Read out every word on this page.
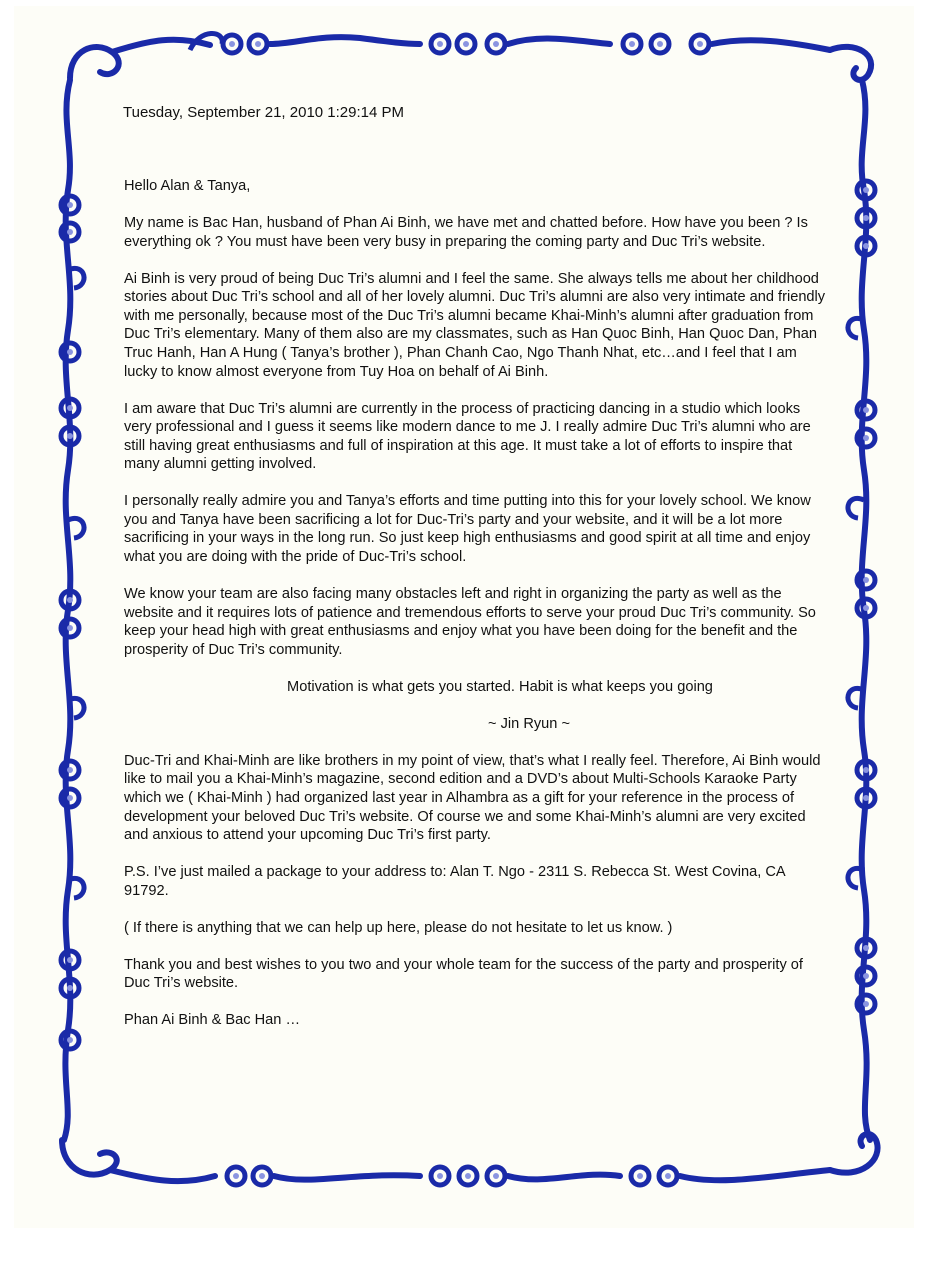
Tuesday, September 21, 2010 1:29:14 PM

Hello Alan & Tanya,

My name is Bac Han, husband of Phan Ai Binh, we have met and chatted before. How have you been ? Is everything ok ? You must have been very busy in preparing the coming party and Duc Tri’s website.

Ai Binh is very proud of being Duc Tri’s alumni and I feel the same. She always tells me about her childhood stories about Duc Tri’s school and all of her lovely alumni. Duc Tri’s alumni are also very intimate and friendly with me personally, because most of the Duc Tri’s alumni became Khai-Minh’s alumni after graduation from Duc Tri’s elementary. Many of them also are my classmates, such as Han Quoc Binh, Han Quoc Dan, Phan Truc Hanh, Han A Hung ( Tanya’s brother ), Phan Chanh Cao, Ngo Thanh Nhat, etc…and I feel that I am lucky to know almost everyone from Tuy Hoa on behalf of Ai Binh.

I am aware that Duc Tri’s alumni are currently in the process of practicing dancing in a studio which looks very professional and I guess it seems like modern dance to me J. I really admire Duc Tri’s alumni who are still having great enthusiasms and full of inspiration at this age. It must take a lot of efforts to inspire that many alumni getting involved.

I personally really admire you and Tanya’s efforts and time putting into this for your lovely school. We know you and Tanya have been sacrificing a lot for Duc-Tri’s party and your website, and it will be a lot more sacrificing in your ways in the long run. So just keep high enthusiasms and good spirit at all time and enjoy what you are doing with the pride of Duc-Tri’s school.

We know your team are also facing many obstacles left and right in organizing the party as well as the website and it requires lots of patience and tremendous efforts to serve your proud Duc Tri’s community. So keep your head high with great enthusiasms and enjoy what you have been doing for the benefit and the prosperity of Duc Tri’s community.

Motivation is what gets you started. Habit is what keeps you going

~ Jin Ryun ~

Duc-Tri and Khai-Minh are like brothers in my point of view, that’s what I really feel. Therefore, Ai Binh would like to mail you a Khai-Minh’s magazine, second edition and a DVD’s about Multi-Schools Karaoke Party which we ( Khai-Minh ) had organized last year in Alhambra as a gift for your reference in the process of development your beloved Duc Tri’s website. Of course we and some Khai-Minh’s alumni are very excited and anxious to attend your upcoming Duc Tri’s first party.

P.S. I’ve just mailed a package to your address to: Alan T. Ngo - 2311 S. Rebecca St. West Covina, CA 91792.

( If there is anything that we can help up here, please do not hesitate to let us know. )

Thank you and best wishes to you two and your whole team for the success of the party and prosperity of Duc Tri’s website.

Phan Ai Binh & Bac Han …
